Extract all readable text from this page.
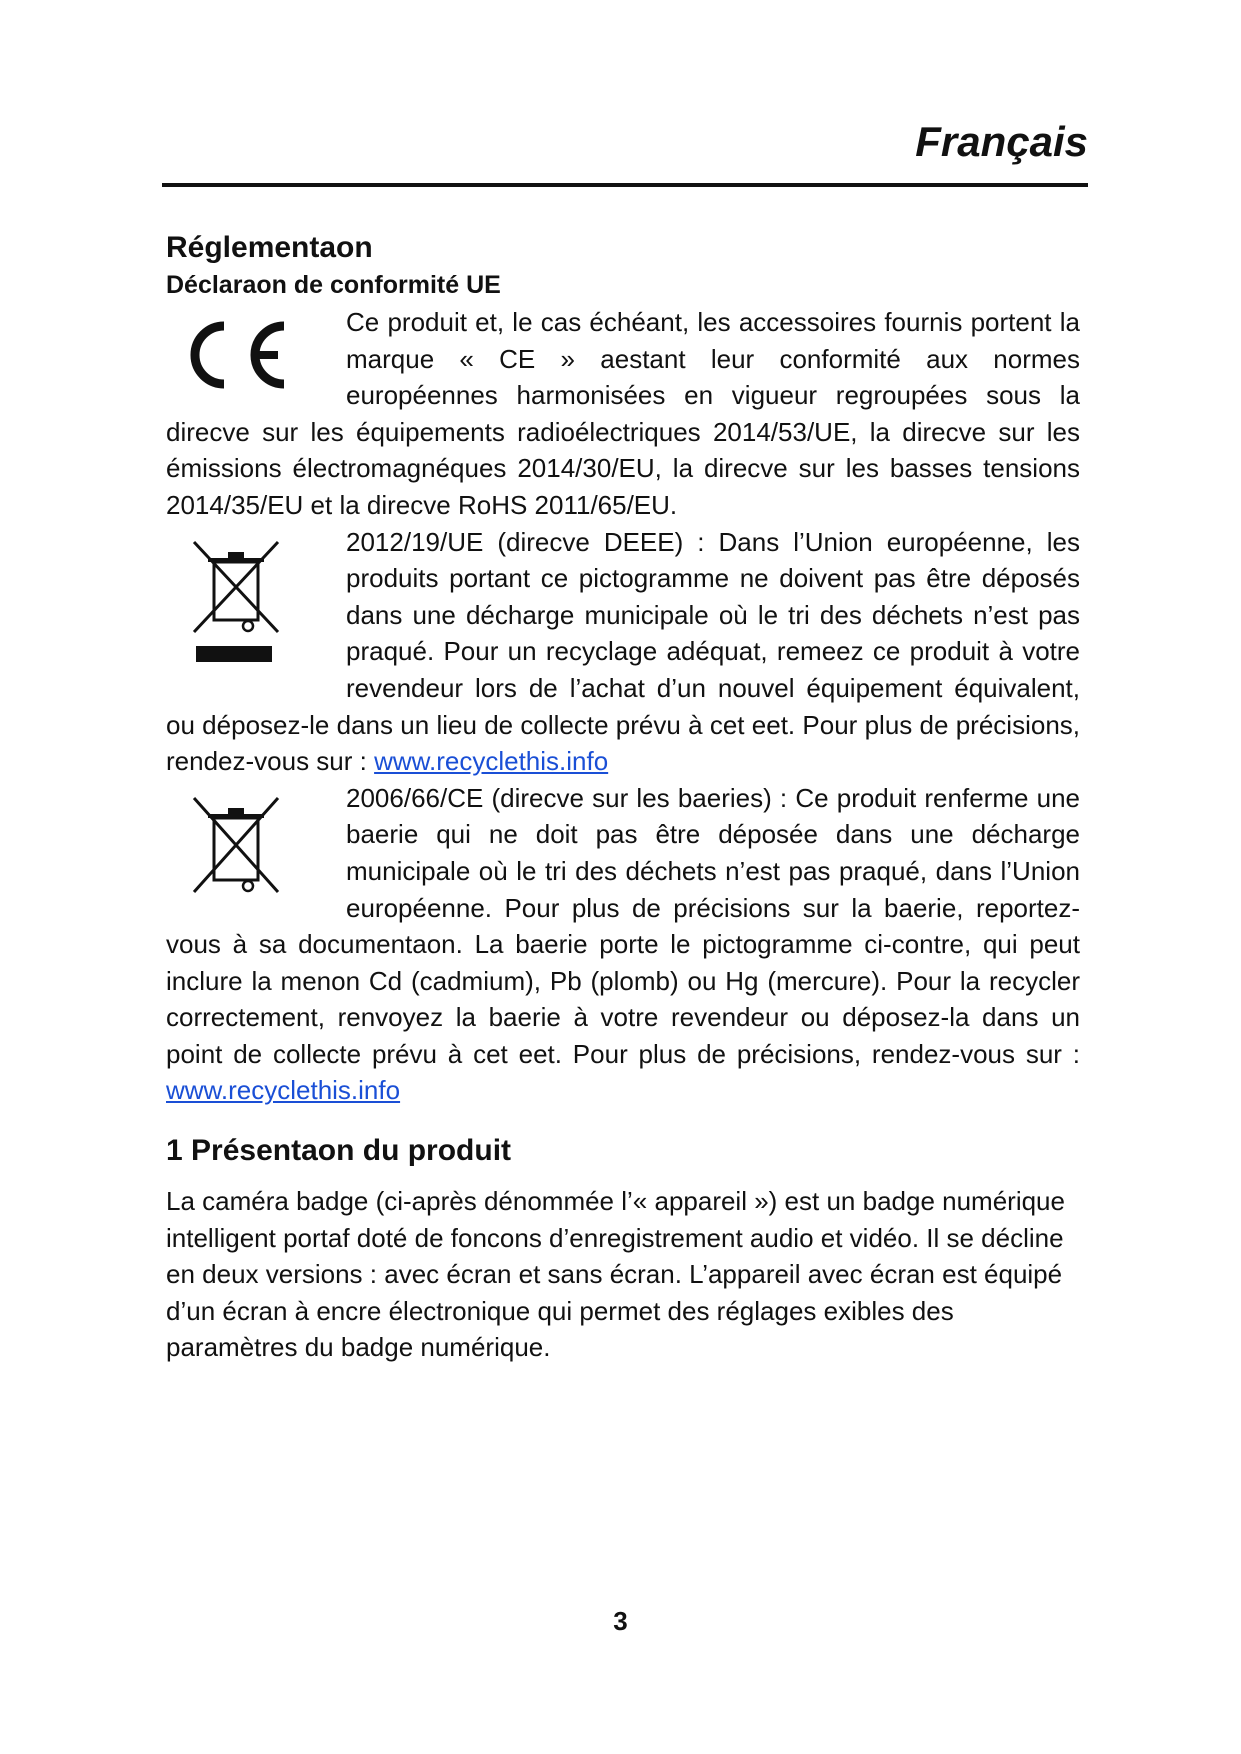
Français
Réglementaon
Déclaraon de conformité UE

Ce produit et, le cas échéant, les accessoires fournis portent la marque « CE » aestant leur conformité aux normes européennes harmonisées en vigueur regroupées sous la direcve sur les équipements radioélectriques 2014/53/UE, la direcve sur les émissions électromagnéques 2014/30/EU, la direcve sur les basses tensions 2014/35/EU et la direcve RoHS 2011/65/EU.

2012/19/UE (direcve DEEE) : Dans l’Union européenne, les produits portant ce pictogramme ne doivent pas être déposés dans une décharge municipale où le tri des déchets n’est pas praqué. Pour un recyclage adéquat, remeez ce produit à votre revendeur lors de l’achat d’un nouvel équipement équivalent, ou déposez-le dans un lieu de collecte prévu à cet eet. Pour plus de précisions, rendez-vous sur : www.recyclethis.info

2006/66/CE (direcve sur les baeries) : Ce produit renferme une baerie qui ne doit pas être déposée dans une décharge municipale où le tri des déchets n’est pas praqué, dans l’Union européenne. Pour plus de précisions sur la baerie, reportez-vous à sa documentaon. La baerie porte le pictogramme ci-contre, qui peut inclure la menon Cd (cadmium), Pb (plomb) ou Hg (mercure). Pour la recycler correctement, renvoyez la baerie à votre revendeur ou déposez-la dans un point de collecte prévu à cet eet. Pour plus de précisions, rendez-vous sur : www.recyclethis.info

1 Présentaon du produit

La caméra badge (ci-après dénommée l’« appareil ») est un badge numérique intelligent portaf doté de foncons d’enregistrement audio et vidéo. Il se décline en deux versions : avec écran et sans écran. L’appareil avec écran est équipé d’un écran à encre électronique qui permet des réglages exibles des paramètres du badge numérique.

3
